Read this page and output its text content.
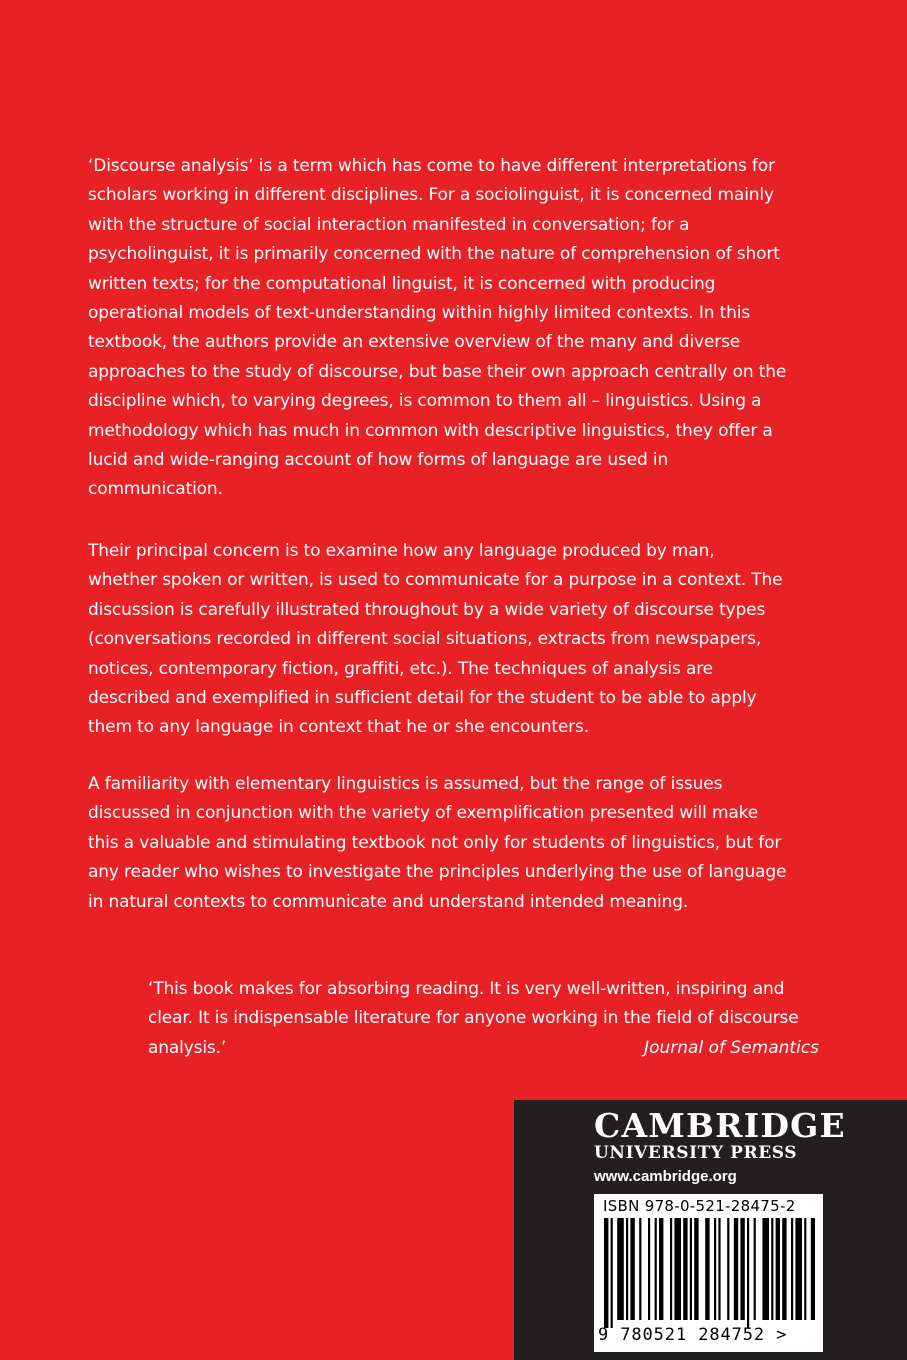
‘Discourse analysis’ is a term which has come to have different interpretations for scholars working in different disciplines. For a sociolinguist, it is concerned mainly with the structure of social interaction manifested in conversation; for a psycholinguist, it is primarily concerned with the nature of comprehension of short written texts; for the computational linguist, it is concerned with producing operational models of text-understanding within highly limited contexts. In this textbook, the authors provide an extensive overview of the many and diverse approaches to the study of discourse, but base their own approach centrally on the discipline which, to varying degrees, is common to them all – linguistics. Using a methodology which has much in common with descriptive linguistics, they offer a lucid and wide-ranging account of how forms of language are used in communication.

Their principal concern is to examine how any language produced by man, whether spoken or written, is used to communicate for a purpose in a context. The discussion is carefully illustrated throughout by a wide variety of discourse types (conversations recorded in different social situations, extracts from newspapers, notices, contemporary fiction, graffiti, etc.). The techniques of analysis are described and exemplified in sufficient detail for the student to be able to apply them to any language in context that he or she encounters.

A familiarity with elementary linguistics is assumed, but the range of issues discussed in conjunction with the variety of exemplification presented will make this a valuable and stimulating textbook not only for students of linguistics, but for any reader who wishes to investigate the principles underlying the use of language in natural contexts to communicate and understand intended meaning.

‘This book makes for absorbing reading. It is very well-written, inspiring and clear. It is indispensable literature for anyone working in the field of discourse analysis.’	Journal of Semantics
CAMBRIDGE
UNIVERSITY PRESS
www.cambridge.org
ISBN 978-0-521-28475-2
9 780521 284752 >
